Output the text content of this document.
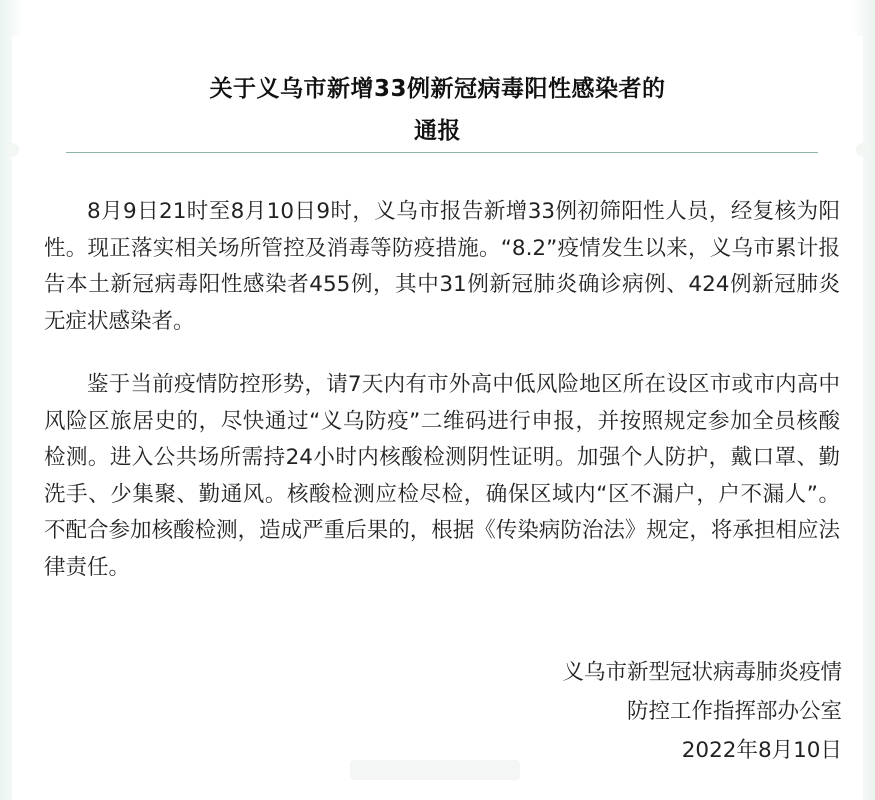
关于义乌市新增33例新冠病毒阳性感染者的
通报

8月9日21时至8月10日9时，义乌市报告新增33例初筛阳性人员，经复核为阳性。现正落实相关场所管控及消毒等防疫措施。“8.2”疫情发生以来，义乌市累计报告本土新冠病毒阳性感染者455例，其中31例新冠肺炎确诊病例、424例新冠肺炎无症状感染者。

鉴于当前疫情防控形势，请7天内有市外高中低风险地区所在设区市或市内高中风险区旅居史的，尽快通过“义乌防疫”二维码进行申报，并按照规定参加全员核酸检测。进入公共场所需持24小时内核酸检测阴性证明。加强个人防护，戴口罩、勤洗手、少集聚、勤通风。核酸检测应检尽检，确保区域内“区不漏户，户不漏人”。不配合参加核酸检测，造成严重后果的，根据《传染病防治法》规定，将承担相应法律责任。

义乌市新型冠状病毒肺炎疫情
防控工作指挥部办公室
2022年8月10日
